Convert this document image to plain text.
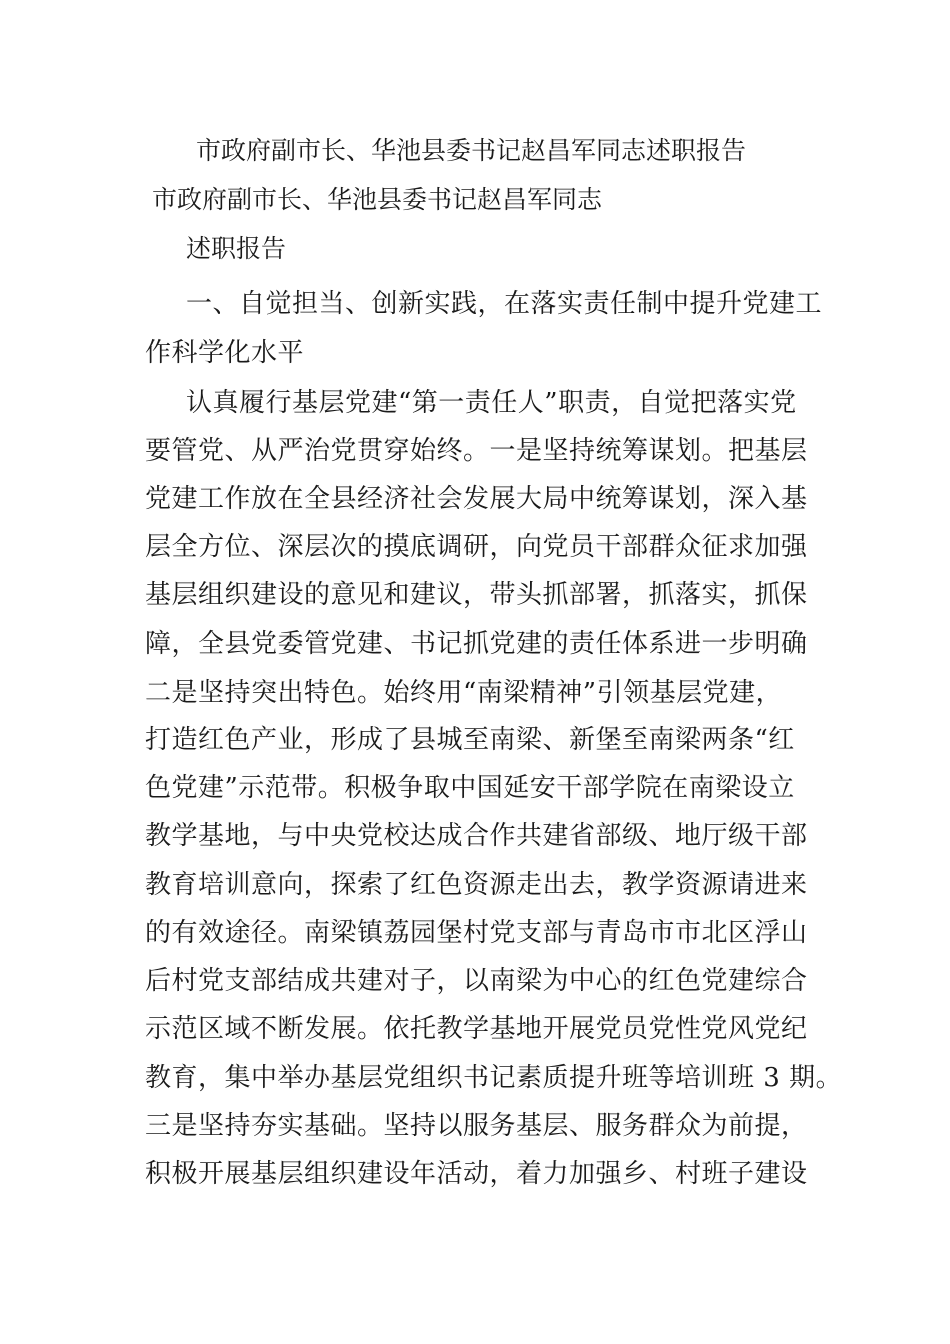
市政府副市长、华池县委书记赵昌军同志述职报告
市政府副市长、华池县委书记赵昌军同志
述职报告
一、自觉担当、创新实践，在落实责任制中提升党建工
作科学化水平
认真履行基层党建“第一责任人”职责，自觉把落实党
要管党、从严治党贯穿始终。一是坚持统筹谋划。把基层
党建工作放在全县经济社会发展大局中统筹谋划，深入基
层全方位、深层次的摸底调研，向党员干部群众征求加强
基层组织建设的意见和建议，带头抓部署，抓落实，抓保
障，全县党委管党建、书记抓党建的责任体系进一步明确
二是坚持突出特色。始终用“南梁精神”引领基层党建，
打造红色产业，形成了县城至南梁、新堡至南梁两条“红
色党建”示范带。积极争取中国延安干部学院在南梁设立
教学基地，与中央党校达成合作共建省部级、地厅级干部
教育培训意向，探索了红色资源走出去，教学资源请进来
的有效途径。南梁镇荔园堡村党支部与青岛市市北区浮山
后村党支部结成共建对子，以南梁为中心的红色党建综合
示范区域不断发展。依托教学基地开展党员党性党风党纪
教育，集中举办基层党组织书记素质提升班等培训班 3 期。
三是坚持夯实基础。坚持以服务基层、服务群众为前提，
积极开展基层组织建设年活动，着力加强乡、村班子建设
